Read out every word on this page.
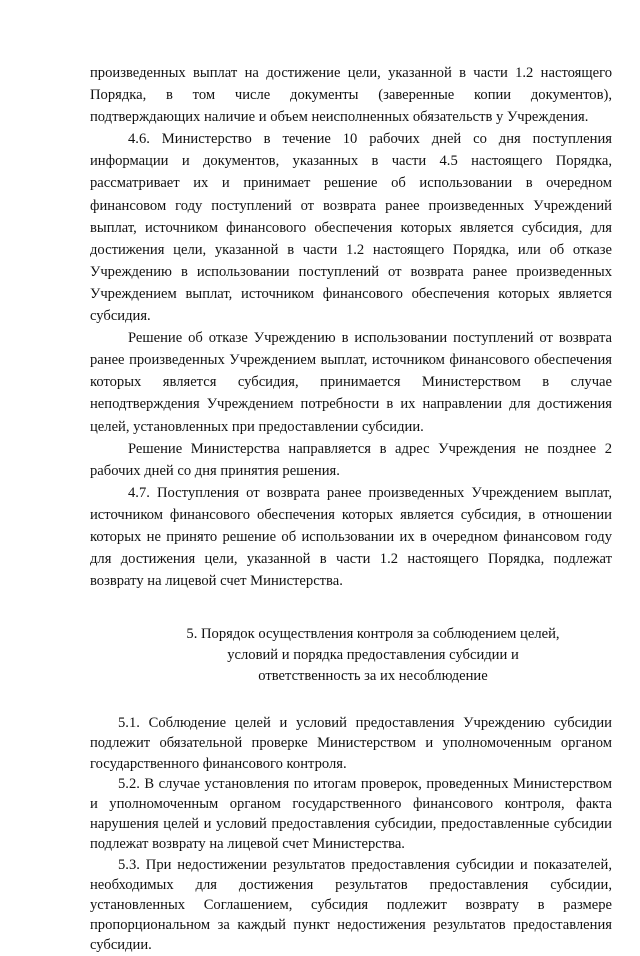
произведенных выплат на достижение цели, указанной в части 1.2 настоящего Порядка, в том числе документы (заверенные копии документов), подтверждающих наличие и объем неисполненных обязательств у Учреждения.

4.6. Министерство в течение 10 рабочих дней со дня поступления информации и документов, указанных в части 4.5 настоящего Порядка, рассматривает их и принимает решение об использовании в очередном финансовом году поступлений от возврата ранее произведенных Учреждений выплат, источником финансового обеспечения которых является субсидия, для достижения цели, указанной в части 1.2 настоящего Порядка, или об отказе Учреждению в использовании поступлений от возврата ранее произведенных Учреждением выплат, источником финансового обеспечения которых является субсидия.

Решение об отказе Учреждению в использовании поступлений от возврата ранее произведенных Учреждением выплат, источником финансового обеспечения которых является субсидия, принимается Министерством в случае неподтверждения Учреждением потребности в их направлении для достижения целей, установленных при предоставлении субсидии.

Решение Министерства направляется в адрес Учреждения не позднее 2 рабочих дней со дня принятия решения.

4.7. Поступления от возврата ранее произведенных Учреждением выплат, источником финансового обеспечения которых является субсидия, в отношении которых не принято решение об использовании их в очередном финансовом году для достижения цели, указанной в части 1.2 настоящего Порядка, подлежат возврату на лицевой счет Министерства.

5. Порядок осуществления контроля за соблюдением целей,
условий и порядка предоставления субсидии и
ответственность за их несоблюдение

5.1. Соблюдение целей и условий предоставления Учреждению субсидии подлежит обязательной проверке Министерством и уполномоченным органом государственного финансового контроля.

5.2. В случае установления по итогам проверок, проведенных Министерством и уполномоченным органом государственного финансового контроля, факта нарушения целей и условий предоставления субсидии, предоставленные субсидии подлежат возврату на лицевой счет Министерства.

5.3. При недостижении результатов предоставления субсидии и показателей, необходимых для достижения результатов предоставления субсидии, установленных Соглашением, субсидия подлежит возврату в размере пропорциональном за каждый пункт недостижения результатов предоставления субсидии.
